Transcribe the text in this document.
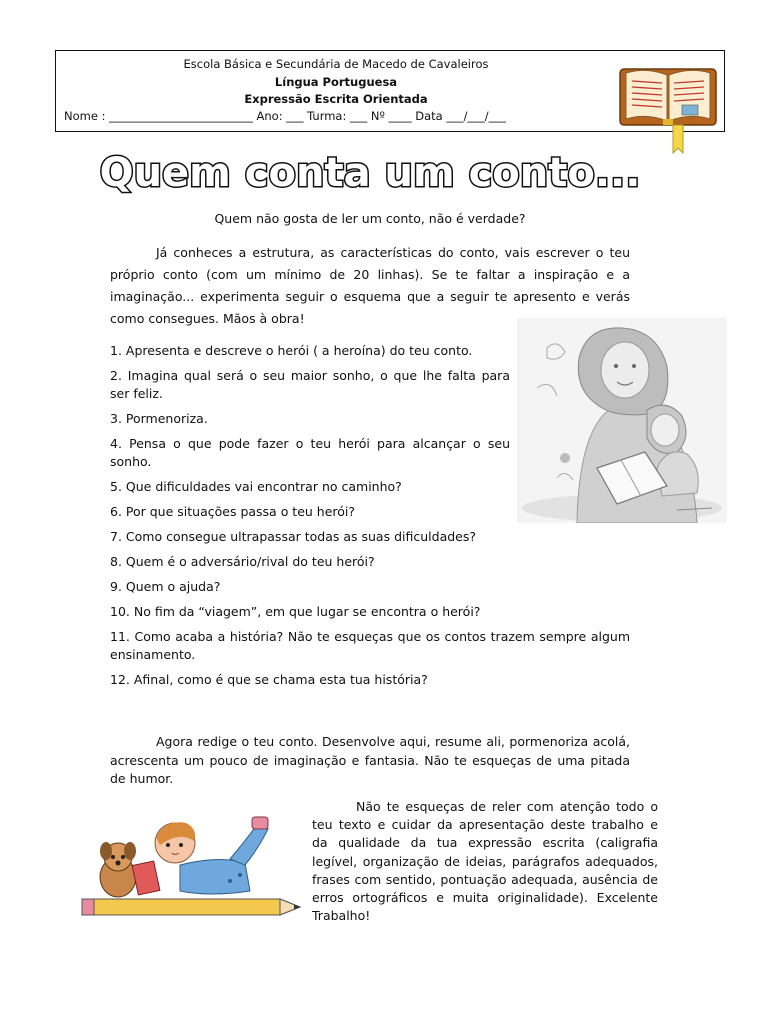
Escola Básica e Secundária de Macedo de Cavaleiros
Língua Portuguesa
Expressão Escrita Orientada
Nome : _________________________ Ano: ___ Turma: ___ Nº ____ Data ___/___/___
Quem conta um conto...
Quem não gosta de ler um conto, não é verdade?
Já conheces a estrutura, as características do conto, vais escrever o teu próprio conto (com um mínimo de 20 linhas). Se te faltar a inspiração e a imaginação... experimenta seguir o esquema que a seguir te apresento e verás como consegues. Mãos à obra!
1. Apresenta e descreve o herói ( a heroína) do teu conto.
2. Imagina qual será o seu maior sonho, o que lhe falta para ser feliz.
3. Pormenoriza.
4. Pensa o que pode fazer o teu herói para alcançar o seu sonho.
5. Que dificuldades vai encontrar no caminho?
6. Por que situações passa o teu herói?
7. Como consegue ultrapassar todas as suas dificuldades?
8. Quem é o adversário/rival do teu herói?
9. Quem o ajuda?
10. No fim da “viagem”, em que lugar se encontra o herói?
11. Como acaba a história? Não te esqueças que os contos trazem sempre algum ensinamento.
12. Afinal, como é que se chama esta tua história?
Agora redige o teu conto. Desenvolve aqui, resume ali, pormenoriza acolá, acrescenta um pouco de imaginação e fantasia. Não te esqueças de uma pitada de humor.
Não te esqueças de reler com atenção todo o teu texto e cuidar da apresentação deste trabalho e da qualidade da tua expressão escrita (caligrafia legível, organização de ideias, parágrafos adequados, frases com sentido, pontuação adequada, ausência de erros ortográficos e muita originalidade). Excelente Trabalho!
